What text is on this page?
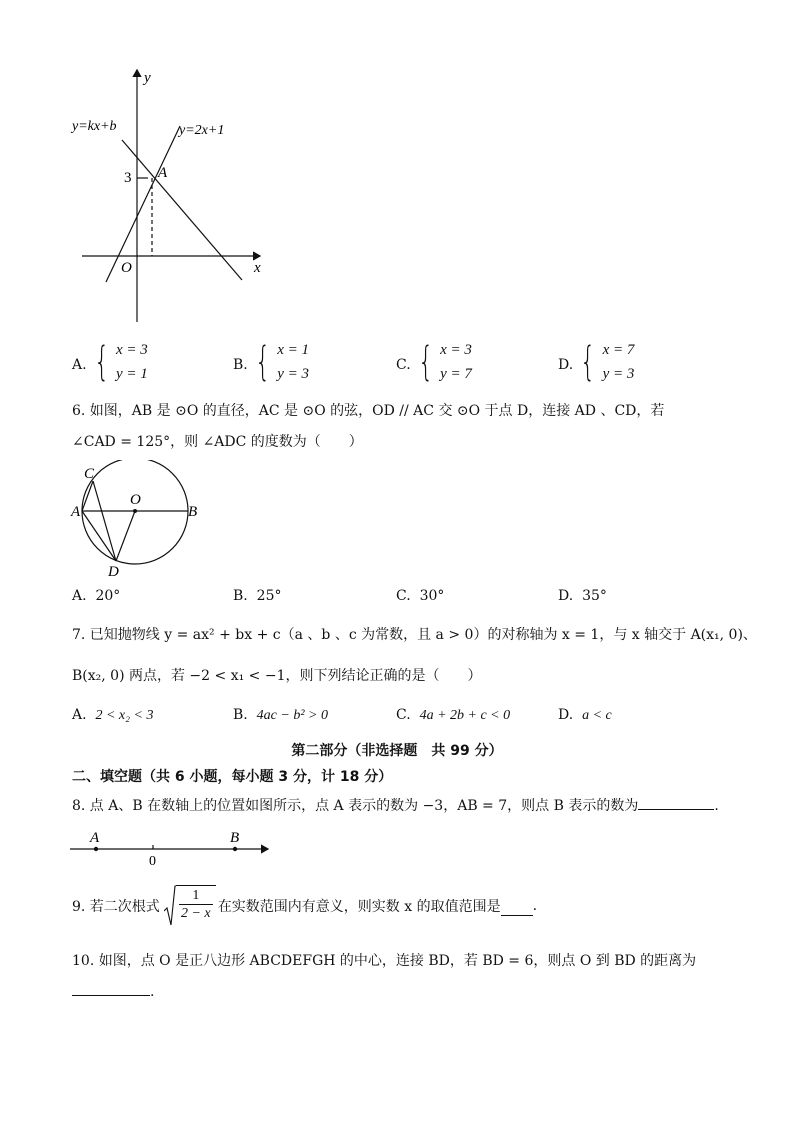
y
x
O
y=kx+b	y=2x+1
A
3
A. { x = 3
y = 1
B. { x = 1
y = 3
C. { x = 3
y = 7
D. { x = 7
y = 3
6. 如图，AB 是 ⊙O 的直径，AC 是 ⊙O 的弦，OD // AC 交 ⊙O 于点 D，连接 AD 、CD，若
∠CAD = 125°，则 ∠ADC 的度数为（　　）
C
O
A	B
D
A. 20°	B. 25°	C. 30°	D. 35°
7. 已知抛物线 y = ax² + bx + c（a 、b 、c 为常数，且 a > 0）的对称轴为 x = 1，与 x 轴交于 A(x₁, 0)、
B(x₂, 0) 两点，若 −2 < x₁ < −1，则下列结论正确的是（　　）
A. 2 < x₂ < 3	B. 4ac − b² > 0	C. 4a + 2b + c < 0	D. a < c
第二部分（非选择题　共 99 分）
二、填空题（共 6 小题，每小题 3 分，计 18 分）
8. 点 A、B 在数轴上的位置如图所示，点 A 表示的数为 −3，AB = 7，则点 B 表示的数为	.
A
0
B
9. 若二次根式
1
2 − x 在实数范围内有意义，则实数 x 的取值范围是 .
10. 如图，点 O 是正八边形 ABCDEFGH 的中心，连接 BD，若 BD = 6，则点 O 到 BD 的距离为
.
